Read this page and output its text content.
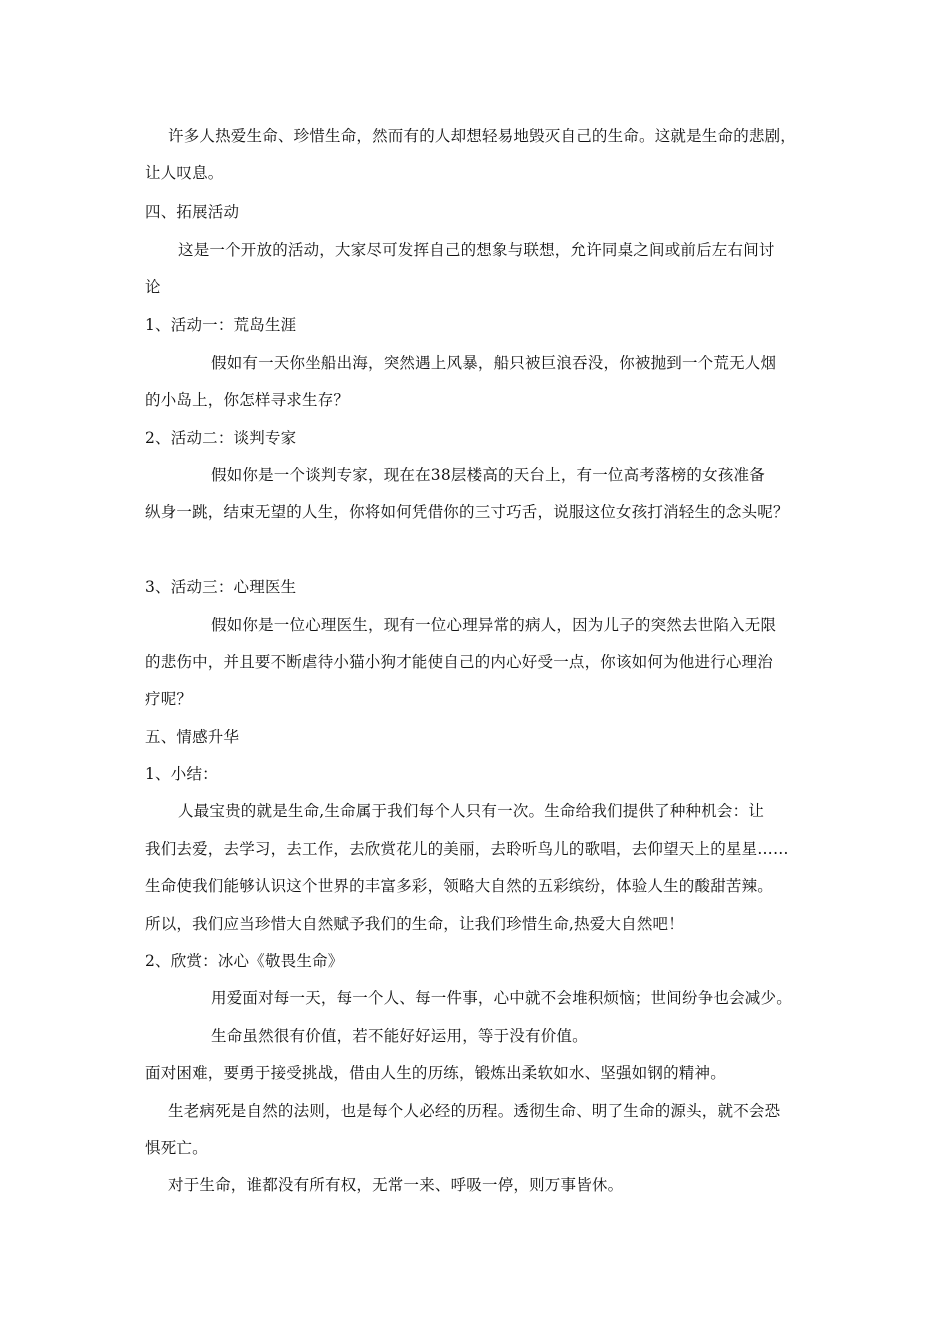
许多人热爱生命、珍惜生命，然而有的人却想轻易地毁灭自己的生命。这就是生命的悲剧，
让人叹息。
四、拓展活动
这是一个开放的活动，大家尽可发挥自己的想象与联想，允许同桌之间或前后左右间讨
论
1、活动一：荒岛生涯
假如有一天你坐船出海，突然遇上风暴，船只被巨浪吞没，你被抛到一个荒无人烟
的小岛上，你怎样寻求生存？
2、活动二：谈判专家
假如你是一个谈判专家，现在在38层楼高的天台上，有一位高考落榜的女孩准备
纵身一跳，结束无望的人生，你将如何凭借你的三寸巧舌，说服这位女孩打消轻生的念头呢？
3、活动三：心理医生
假如你是一位心理医生，现有一位心理异常的病人，因为儿子的突然去世陷入无限
的悲伤中，并且要不断虐待小猫小狗才能使自己的内心好受一点，你该如何为他进行心理治
疗呢？
五、情感升华
1、小结：
人最宝贵的就是生命,生命属于我们每个人只有一次。生命给我们提供了种种机会：让
我们去爱，去学习，去工作，去欣赏花儿的美丽，去聆听鸟儿的歌唱，去仰望天上的星星……
生命使我们能够认识这个世界的丰富多彩，领略大自然的五彩缤纷，体验人生的酸甜苦辣。
所以，我们应当珍惜大自然赋予我们的生命，让我们珍惜生命,热爱大自然吧！
2、欣赏：冰心《敬畏生命》
用爱面对每一天，每一个人、每一件事，心中就不会堆积烦恼；世间纷争也会减少。
生命虽然很有价值，若不能好好运用，等于没有价值。
面对困难，要勇于接受挑战，借由人生的历练，锻炼出柔软如水、坚强如钢的精神。
生老病死是自然的法则，也是每个人必经的历程。透彻生命、明了生命的源头，就不会恐
惧死亡。
对于生命，谁都没有所有权，无常一来、呼吸一停，则万事皆休。
